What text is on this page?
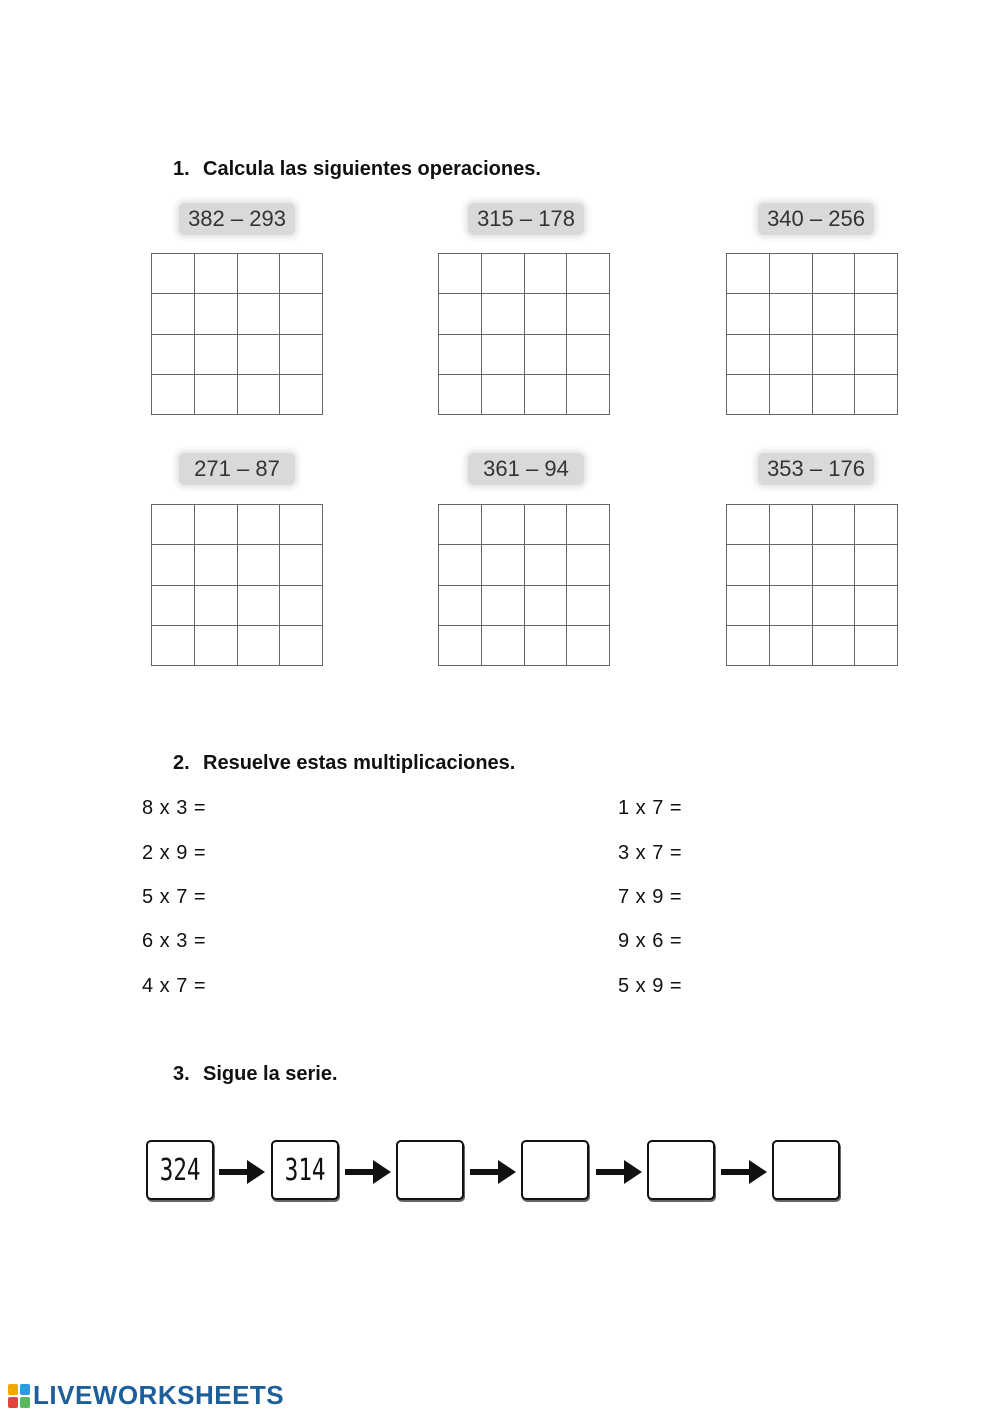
1. Calcula las siguientes operaciones.
382 – 293	315 – 178	340 – 256
271 – 87	361 – 94	353 – 176
2. Resuelve estas multiplicaciones.
8 x 3 =
2 x 9 =
5 x 7 =
6 x 3 =
4 x 7 =
1 x 7 =
3 x 7 =
7 x 9 =
9 x 6 =
5 x 9 =
3. Sigue la serie.
324	314
LIVEWORKSHEETS
